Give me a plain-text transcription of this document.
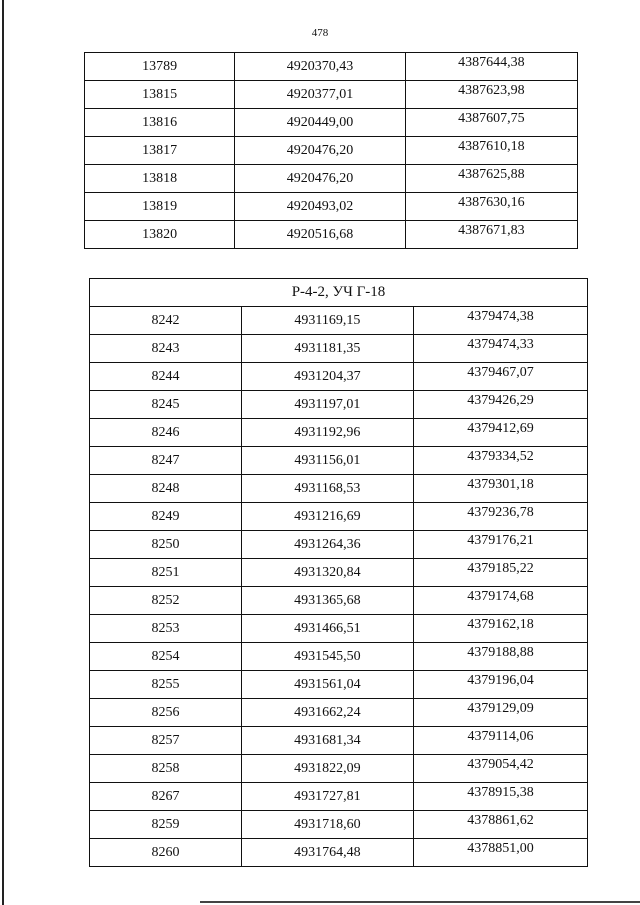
478
13789	4920370,43	4387644,38
13815	4920377,01	4387623,98
13816	4920449,00	4387607,75
13817	4920476,20	4387610,18
13818	4920476,20	4387625,88
13819	4920493,02	4387630,16
13820	4920516,68	4387671,83
Р-4-2, УЧ Г-18		
8242	4931169,15	4379474,38
8243	4931181,35	4379474,33
8244	4931204,37	4379467,07
8245	4931197,01	4379426,29
8246	4931192,96	4379412,69
8247	4931156,01	4379334,52
8248	4931168,53	4379301,18
8249	4931216,69	4379236,78
8250	4931264,36	4379176,21
8251	4931320,84	4379185,22
8252	4931365,68	4379174,68
8253	4931466,51	4379162,18
8254	4931545,50	4379188,88
8255	4931561,04	4379196,04
8256	4931662,24	4379129,09
8257	4931681,34	4379114,06
8258	4931822,09	4379054,42
8267	4931727,81	4378915,38
8259	4931718,60	4378861,62
8260	4931764,48	4378851,00
